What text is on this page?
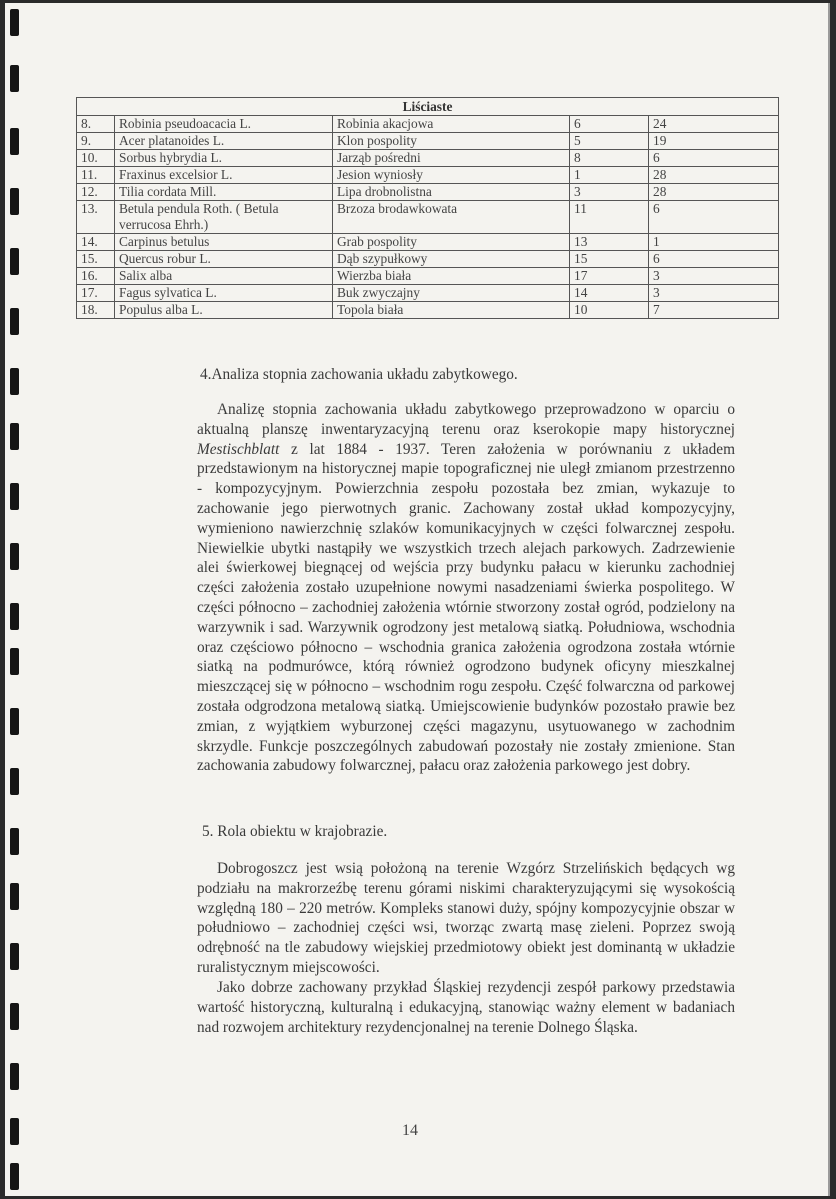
Liściaste				
8.	Robinia pseudoacacia L.	Robinia akacjowa	6	24
9.	Acer platanoides L.	Klon pospolity	5	19
10.	Sorbus hybrydia L.	Jarząb pośredni	8	6
11.	Fraxinus excelsior L.	Jesion wyniosły	1	28
12.	Tilia cordata Mill.	Lipa drobnolistna	3	28
13.	Betula pendula Roth. ( Betula verrucosa Ehrh.)	Brzoza brodawkowata	11	6
14.	Carpinus betulus	Grab pospolity	13	1
15.	Quercus robur L.	Dąb szypułkowy	15	6
16.	Salix alba	Wierzba biała	17	3
17.	Fagus sylvatica L.	Buk zwyczajny	14	3
18.	Populus alba L.	Topola biała	10	7
4.Analiza stopnia zachowania układu zabytkowego.

Analizę stopnia zachowania układu zabytkowego przeprowadzono w oparciu o aktualną planszę inwentaryzacyjną terenu oraz kserokopie mapy historycznej Mestischblatt z lat 1884 - 1937. Teren założenia w porównaniu z układem przedstawionym na historycznej mapie topograficznej nie uległ zmianom przestrzenno - kompozycyjnym. Powierzchnia zespołu pozostała bez zmian, wykazuje to zachowanie jego pierwotnych granic. Zachowany został układ kompozycyjny, wymieniono nawierzchnię szlaków komunikacyjnych w części folwarcznej zespołu. Niewielkie ubytki nastąpiły we wszystkich trzech alejach parkowych. Zadrzewienie alei świerkowej biegnącej od wejścia przy budynku pałacu w kierunku zachodniej części założenia zostało uzupełnione nowymi nasadzeniami świerka pospolitego. W części północno – zachodniej założenia wtórnie stworzony został ogród, podzielony na warzywnik i sad. Warzywnik ogrodzony jest metalową siatką. Południowa, wschodnia oraz częściowo północno – wschodnia granica założenia ogrodzona została wtórnie siatką na podmurówce, którą również ogrodzono budynek oficyny mieszkalnej mieszczącej się w północno – wschodnim rogu zespołu. Część folwarczna od parkowej została odgrodzona metalową siatką. Umiejscowienie budynków pozostało prawie bez zmian, z wyjątkiem wyburzonej części magazynu, usytuowanego w zachodnim skrzydle. Funkcje poszczególnych zabudowań pozostały nie zostały zmienione. Stan zachowania zabudowy folwarcznej, pałacu oraz założenia parkowego jest dobry.

5. Rola obiektu w krajobrazie.

Dobrogoszcz jest wsią położoną na terenie Wzgórz Strzelińskich będących wg podziału na makrorzeźbę terenu górami niskimi charakteryzującymi się wysokością względną 180 – 220 metrów. Kompleks stanowi duży, spójny kompozycyjnie obszar w południowo – zachodniej części wsi, tworząc zwartą masę zieleni. Poprzez swoją odrębność na tle zabudowy wiejskiej przedmiotowy obiekt jest dominantą w układzie ruralistycznym miejscowości.

Jako dobrze zachowany przykład Śląskiej rezydencji zespół parkowy przedstawia wartość historyczną, kulturalną i edukacyjną, stanowiąc ważny element w badaniach nad rozwojem architektury rezydencjonalnej na terenie Dolnego Śląska.

14
